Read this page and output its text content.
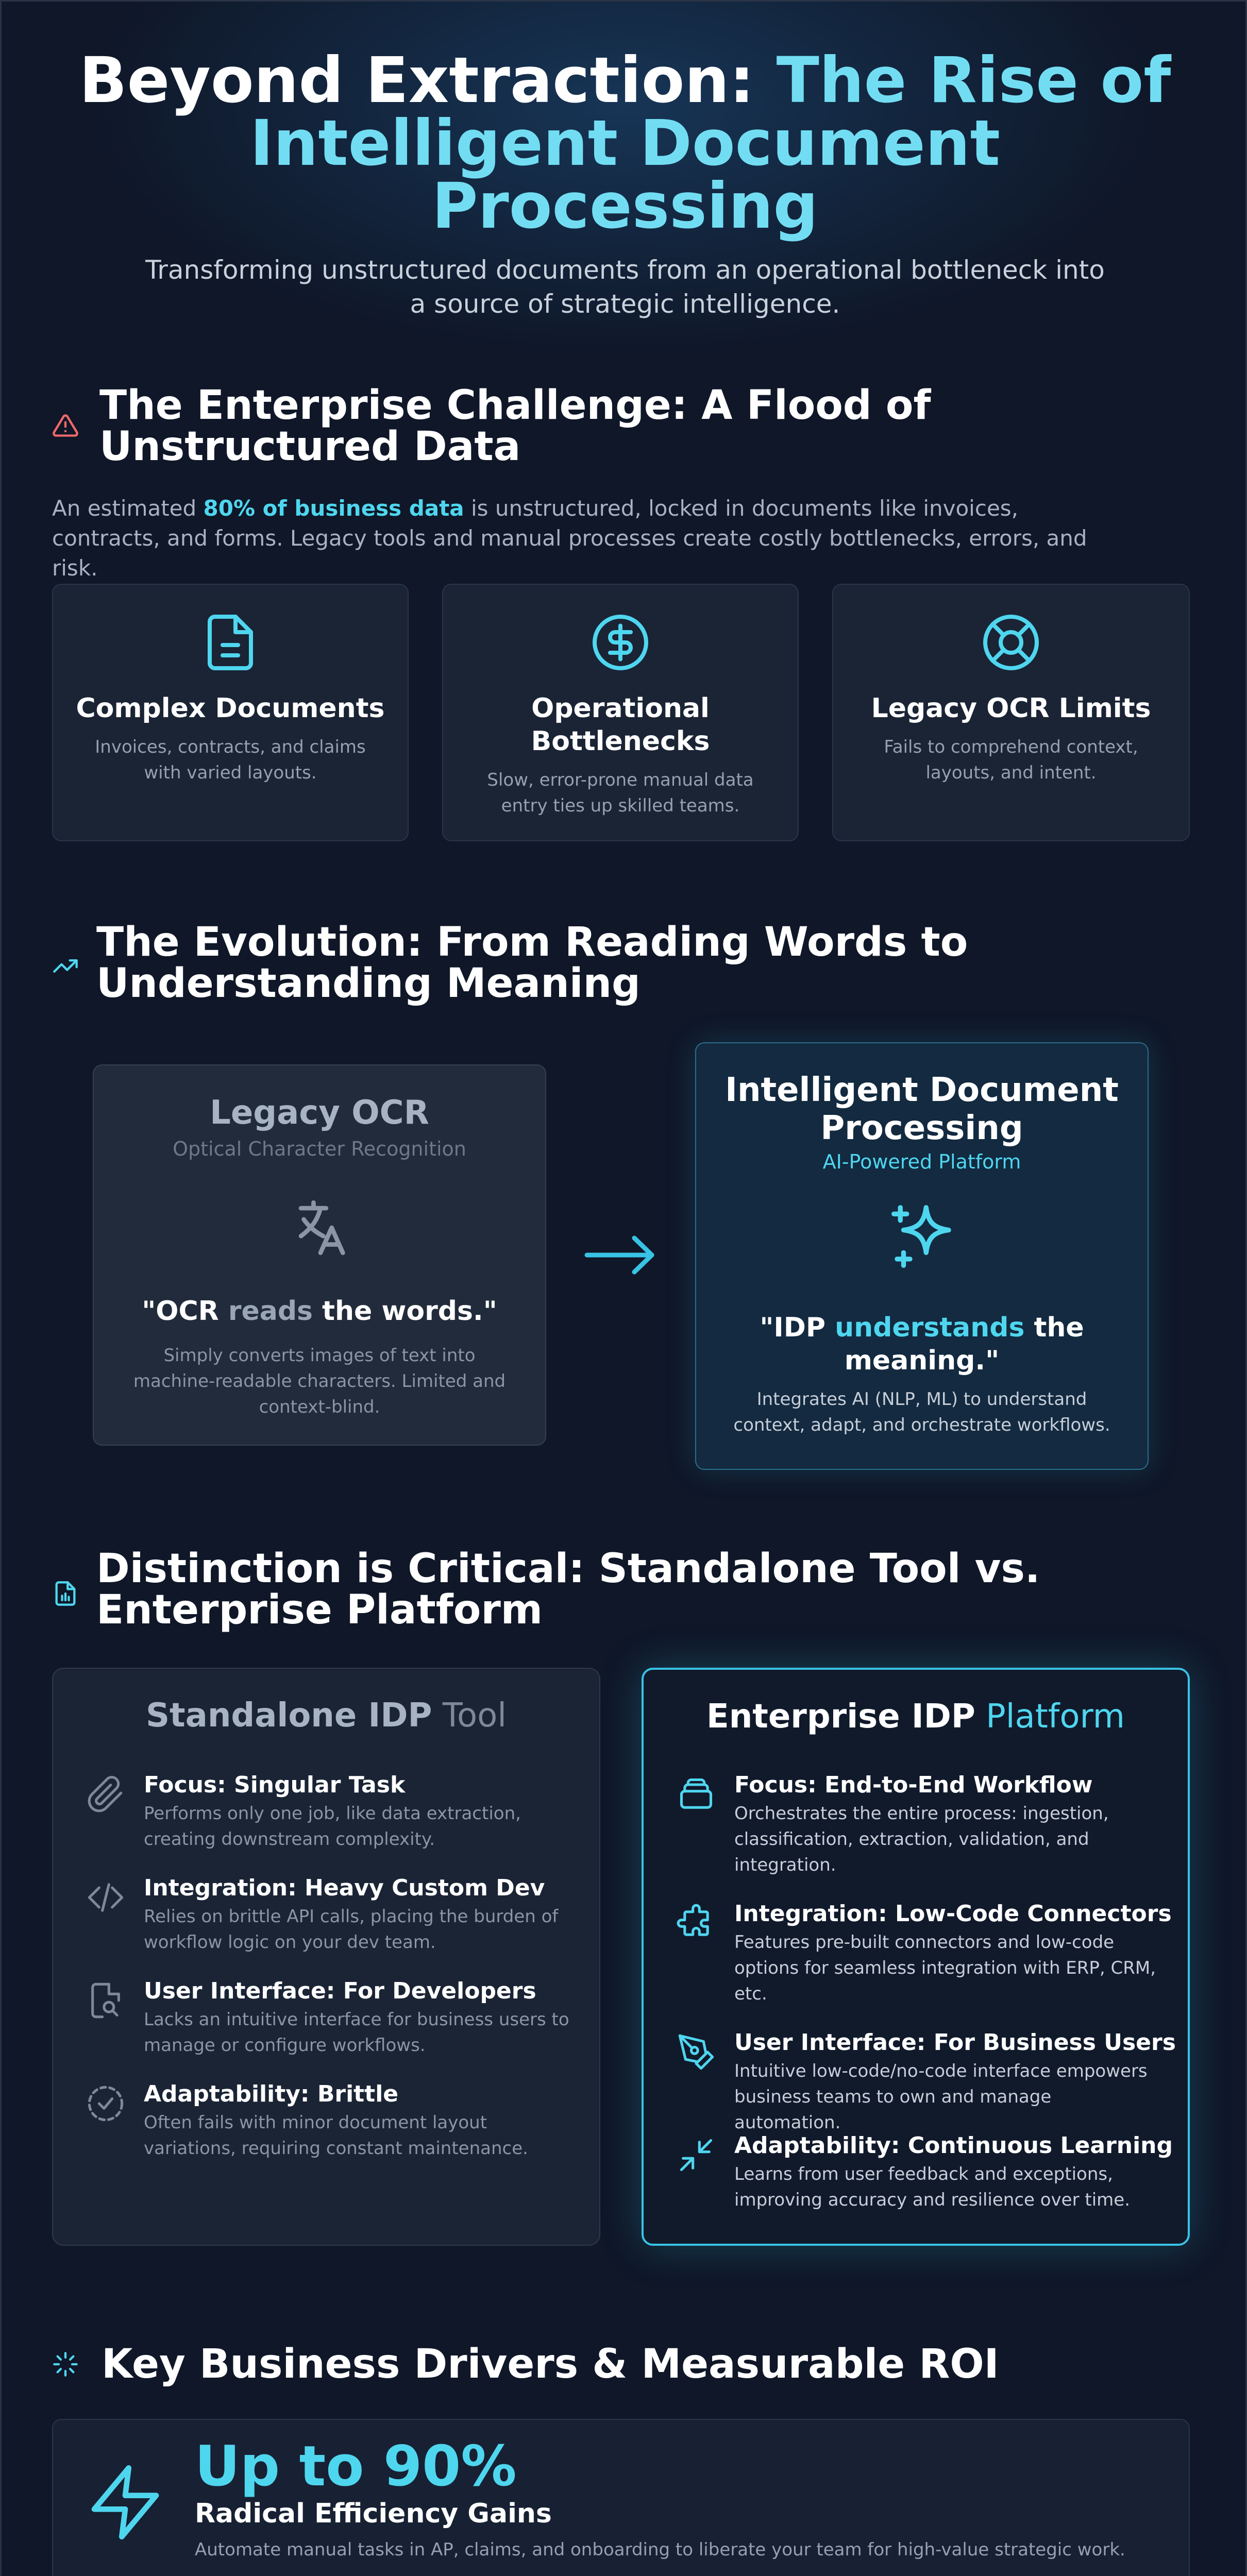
Beyond Extraction: The Rise of Intelligent Document Processing
Transforming unstructured documents from an operational bottleneck into a source of strategic intelligence.
The Enterprise Challenge: A Flood of Unstructured Data
An estimated 80% of business data is unstructured, locked in documents like invoices, contracts, and forms. Legacy tools and manual processes create costly bottlenecks, errors, and risk.
Complex Documents
Invoices, contracts, and claims with varied layouts.
Operational Bottlenecks
Slow, error-prone manual data entry ties up skilled teams.
Legacy OCR Limits
Fails to comprehend context, layouts, and intent.
The Evolution: From Reading Words to Understanding Meaning
Legacy OCR
Optical Character Recognition
"OCR reads the words."
Simply converts images of text into machine-readable characters. Limited and context-blind.
Intelligent Document Processing
AI-Powered Platform
"IDP understands the meaning."
Integrates AI (NLP, ML) to understand context, adapt, and orchestrate workflows.
Distinction is Critical: Standalone Tool vs. Enterprise Platform
Standalone IDP Tool
Focus: Singular Task
Performs only one job, like data extraction, creating downstream complexity.
Integration: Heavy Custom Dev
Relies on brittle API calls, placing the burden of workflow logic on your dev team.
User Interface: For Developers
Lacks an intuitive interface for business users to manage or configure workflows.
Adaptability: Brittle
Often fails with minor document layout variations, requiring constant maintenance.
Enterprise IDP Platform
Focus: End-to-End Workflow
Orchestrates the entire process: ingestion, classification, extraction, validation, and integration.
Integration: Low-Code Connectors
Features pre-built connectors and low-code options for seamless integration with ERP, CRM, etc.
User Interface: For Business Users
Intuitive low-code/no-code interface empowers business teams to own and manage automation.
Adaptability: Continuous Learning
Learns from user feedback and exceptions, improving accuracy and resilience over time.
Key Business Drivers & Measurable ROI
Up to 90%
Radical Efficiency Gains
Automate manual tasks in AP, claims, and onboarding to liberate your team for high-value strategic work.
